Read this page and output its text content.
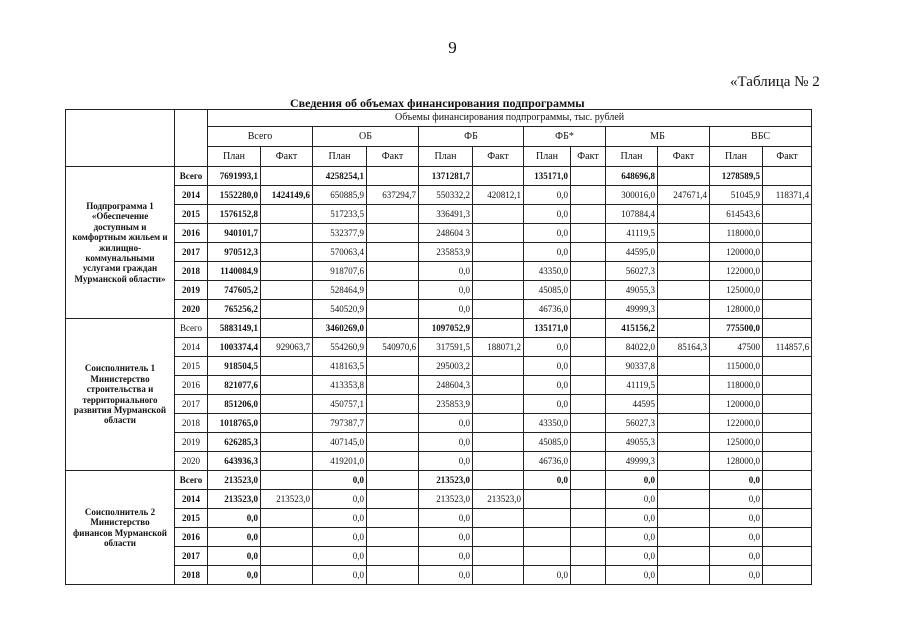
9
«Таблица № 2
Сведения об объемах финансирования подпрограммы
		Объемы финансирования подпрограммы, тыс. рублей											
		Всего		ОБ		ФБ		ФБ*		МБ		ВБС	
		План	Факт	План	Факт	План	Факт	План	Факт	План	Факт	План	Факт
Подпрограмма 1 «Обеспечение доступным и комфортным жильем и жилищно-коммунальными услугами граждан Мурманской области»	Всего	7691993,1		4258254,1		1371281,7		135171,0		648696,8		1278589,5	
	2014	1552280,0	1424149,6	650885,9	637294,7	550332,2	420812,1	0,0		300016,0	247671,4	51045,9	118371,4
	2015	1576152,8		517233,5		336491,3		0,0		107884,4		614543,6	
	2016	940101,7		532377,9		248604 3		0,0		41119,5		118000,0	
	2017	970512,3		570063,4		235853,9		0,0		44595,0		120000,0	
	2018	1140084,9		918707,6		0,0		43350,0		56027,3		122000,0	
	2019	747605,2		528464,9		0,0		45085,0		49055,3		125000,0	
	2020	765256,2		540520,9		0,0		46736,0		49999,3		128000,0	
Соисполнитель 1 Министерство строительства и территориального развития Мурманской области	Всего	5883149,1		3460269,0		1097052,9		135171,0		415156,2		775500,0	
	2014	1003374,4	929063,7	554260,9	540970,6	317591,5	188071,2	0,0		84022,0	85164,3	47500	114857,6
	2015	918504,5		418163,5		295003,2		0,0		90337,8		115000,0	
	2016	821077,6		413353,8		248604,3		0,0		41119,5		118000,0	
	2017	851206,0		450757,1		235853,9		0,0		44595		120000,0	
	2018	1018765,0		797387,7		0,0		43350,0		56027,3		122000,0	
	2019	626285,3		407145,0		0,0		45085,0		49055,3		125000,0	
	2020	643936,3		419201,0		0,0		46736,0		49999,3		128000,0	
Соисполнитель 2 Министерство финансов Мурманской области	Всего	213523,0		0,0		213523,0		0,0		0,0		0,0	
	2014	213523,0	213523,0	0,0		213523,0	213523,0			0,0		0,0	
	2015	0,0		0,0		0,0				0,0		0,0	
	2016	0,0		0,0		0,0				0,0		0,0	
	2017	0,0		0,0		0,0				0,0		0,0	
	2018	0,0		0,0		0,0		0,0		0,0		0,0	
